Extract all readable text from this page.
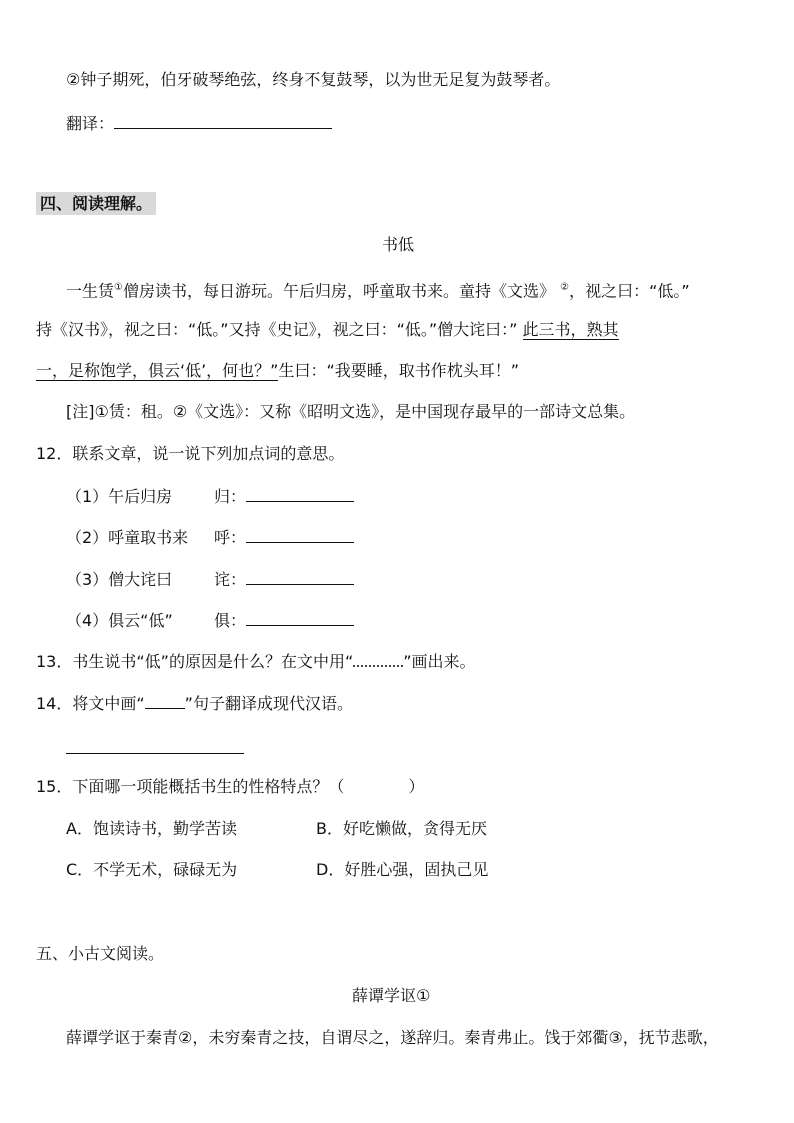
②钟子期死，伯牙破琴绝弦，终身不复鼓琴，以为世无足复为鼓琴者。
翻译：
四、阅读理解。
书低
一生赁①僧房读书，每日游玩。午后归房，呼童取书来。童持《文选》 ②，视之曰：“低。”
持《汉书》，视之曰：“低。”又持《史记》，视之曰：“低。”僧大诧曰：” 此三书，熟其
一，足称饱学，俱云‘低’，何也？”生曰：“我要睡，取书作枕头耳！”
[注]①赁：租。②《文选》：又称《昭明文选》，是中国现存最早的一部诗文总集。
12．联系文章，说一说下列加点词的意思。
（1）午后归房	归：
（2）呼童取书来 呼：
（3）僧大诧曰	诧：
（4）俱云“低”	俱：
13．书生说书“低”的原因是什么？在文中用“	”画出来。
14．将文中画“	”句子翻译成现代汉语。
15．下面哪一项能概括书生的性格特点？（	）
A．饱读诗书，勤学苦读	B．好吃懒做，贪得无厌
C．不学无术，碌碌无为	D．好胜心强，固执己见
五、小古文阅读。
薛谭学讴①
薛谭学讴于秦青②，未穷秦青之技，自谓尽之，遂辞归。秦青弗止。饯于郊衢③，抚节悲歌，
